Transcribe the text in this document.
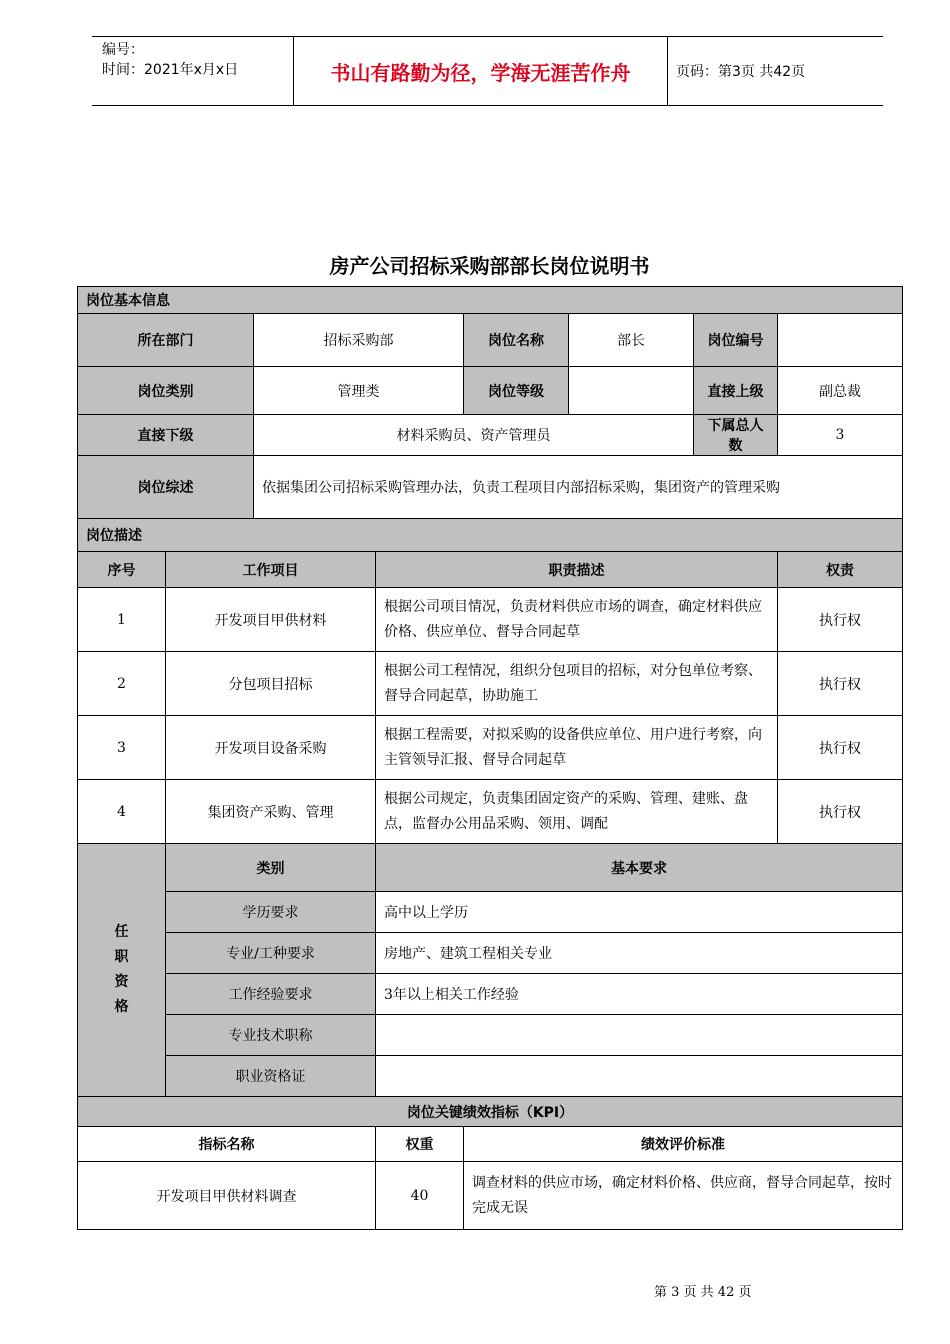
编号：
时间：2021年x月x日	书山有路勤为径，学海无涯苦作舟	页码：第3页 共42页
房产公司招标采购部部长岗位说明书
岗位基本信息							
所在部门		招标采购部		岗位名称	部长	岗位编号	
岗位类别		管理类		岗位等级		直接上级	副总裁
直接下级		材料采购员、资产管理员				下属总人数	3
岗位综述		依据集团公司招标采购管理办法，负责工程项目内部招标采购，集团资产的管理采购					
岗位描述							
序号	工作项目		职责描述				权责
1	开发项目甲供材料		根据公司项目情况，负责材料供应市场的调查，确定材料供应价格、供应单位、督导合同起草				执行权
2	分包项目招标		根据公司工程情况，组织分包项目的招标，对分包单位考察、督导合同起草，协助施工				执行权
3	开发项目设备采购		根据工程需要，对拟采购的设备供应单位、用户进行考察，向主管领导汇报、督导合同起草				执行权
4	集团资产采购、管理		根据公司规定，负责集团固定资产的采购、管理、建账、盘点，监督办公用品采购、领用、调配				执行权

任
职
资
格	类别		基本要求				
	学历要求		高中以上学历				
	专业/工种要求		房地产、建筑工程相关专业				
	工作经验要求		3年以上相关工作经验				
	专业技术职称						
	职业资格证						
岗位关键绩效指标（KPI）							
指标名称			权重	绩效评价标准			
开发项目甲供材料调查			40	调查材料的供应市场，确定材料价格、供应商，督导合同起草，按时完成无误			
第 3 页 共 42 页
